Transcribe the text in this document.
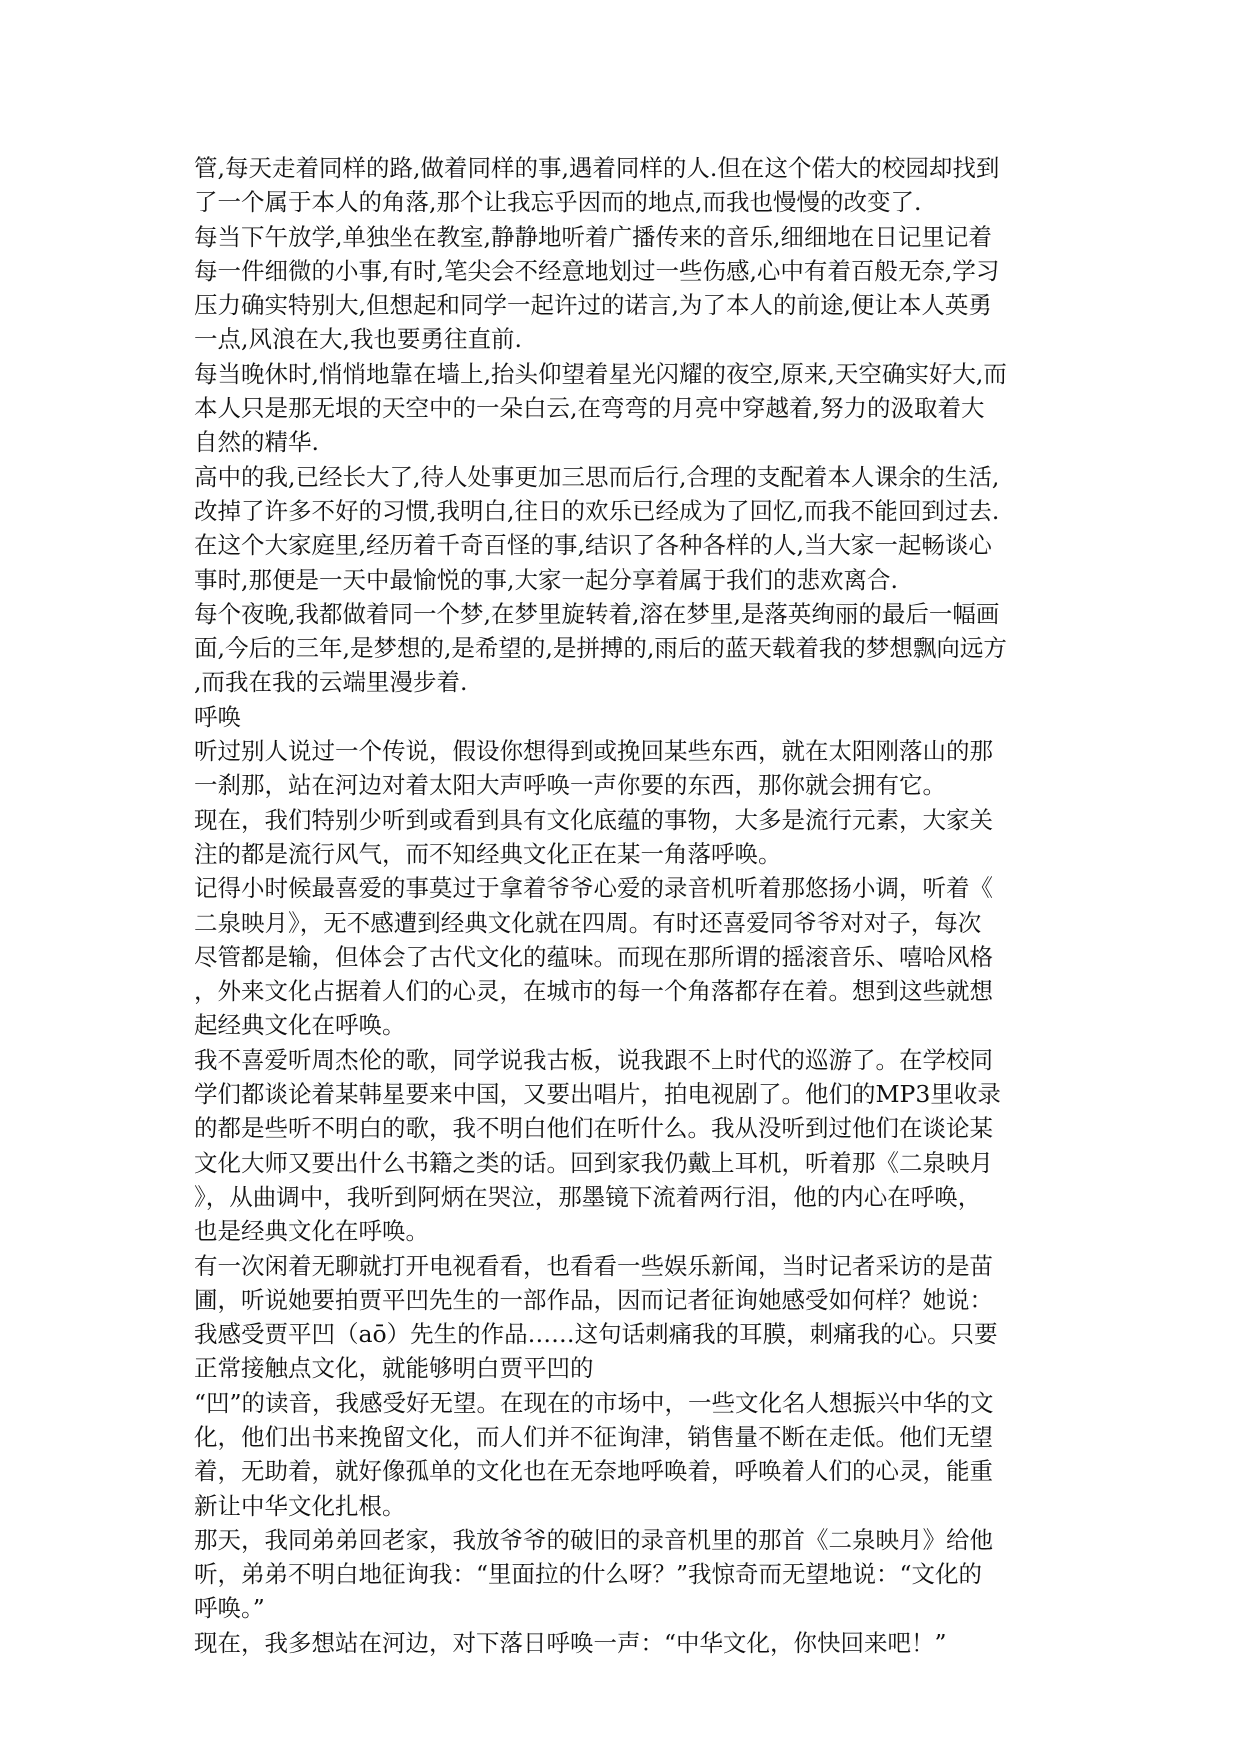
管,每天走着同样的路,做着同样的事,遇着同样的人.但在这个偌大的校园却找到
了一个属于本人的角落,那个让我忘乎因而的地点,而我也慢慢的改变了.
每当下午放学,单独坐在教室,静静地听着广播传来的音乐,细细地在日记里记着
每一件细微的小事,有时,笔尖会不经意地划过一些伤感,心中有着百般无奈,学习
压力确实特别大,但想起和同学一起许过的诺言,为了本人的前途,便让本人英勇
一点,风浪在大,我也要勇往直前.
每当晚休时,悄悄地靠在墙上,抬头仰望着星光闪耀的夜空,原来,天空确实好大,而
本人只是那无垠的天空中的一朵白云,在弯弯的月亮中穿越着,努力的汲取着大
自然的精华.
高中的我,已经长大了,待人处事更加三思而后行,合理的支配着本人课余的生活,
改掉了许多不好的习惯,我明白,往日的欢乐已经成为了回忆,而我不能回到过去.
在这个大家庭里,经历着千奇百怪的事,结识了各种各样的人,当大家一起畅谈心
事时,那便是一天中最愉悦的事,大家一起分享着属于我们的悲欢离合.
每个夜晚,我都做着同一个梦,在梦里旋转着,溶在梦里,是落英绚丽的最后一幅画
面,今后的三年,是梦想的,是希望的,是拼搏的,雨后的蓝天载着我的梦想飘向远方
,而我在我的云端里漫步着.
呼唤
听过别人说过一个传说，假设你想得到或挽回某些东西，就在太阳刚落山的那
一刹那，站在河边对着太阳大声呼唤一声你要的东西，那你就会拥有它。
现在，我们特别少听到或看到具有文化底蕴的事物，大多是流行元素，大家关
注的都是流行风气，而不知经典文化正在某一角落呼唤。
记得小时候最喜爱的事莫过于拿着爷爷心爱的录音机听着那悠扬小调，听着《
二泉映月》，无不感遭到经典文化就在四周。有时还喜爱同爷爷对对子，每次
尽管都是输，但体会了古代文化的蕴味。而现在那所谓的摇滚音乐、嘻哈风格
，外来文化占据着人们的心灵，在城市的每一个角落都存在着。想到这些就想
起经典文化在呼唤。
我不喜爱听周杰伦的歌，同学说我古板，说我跟不上时代的巡游了。在学校同
学们都谈论着某韩星要来中国，又要出唱片，拍电视剧了。他们的MP3里收录
的都是些听不明白的歌，我不明白他们在听什么。我从没听到过他们在谈论某
文化大师又要出什么书籍之类的话。回到家我仍戴上耳机，听着那《二泉映月
》，从曲调中，我听到阿炳在哭泣，那墨镜下流着两行泪，他的内心在呼唤，
也是经典文化在呼唤。
有一次闲着无聊就打开电视看看，也看看一些娱乐新闻，当时记者采访的是苗
圃，听说她要拍贾平凹先生的一部作品，因而记者征询她感受如何样？她说：
我感受贾平凹（aō）先生的作品……这句话刺痛我的耳膜，刺痛我的心。只要
正常接触点文化，就能够明白贾平凹的
“凹”的读音，我感受好无望。在现在的市场中，一些文化名人想振兴中华的文
化，他们出书来挽留文化，而人们并不征询津，销售量不断在走低。他们无望
着，无助着，就好像孤单的文化也在无奈地呼唤着，呼唤着人们的心灵，能重
新让中华文化扎根。
那天，我同弟弟回老家，我放爷爷的破旧的录音机里的那首《二泉映月》给他
听，弟弟不明白地征询我：“里面拉的什么呀？”我惊奇而无望地说：“文化的
呼唤。”
现在，我多想站在河边，对下落日呼唤一声：“中华文化，你快回来吧！”
